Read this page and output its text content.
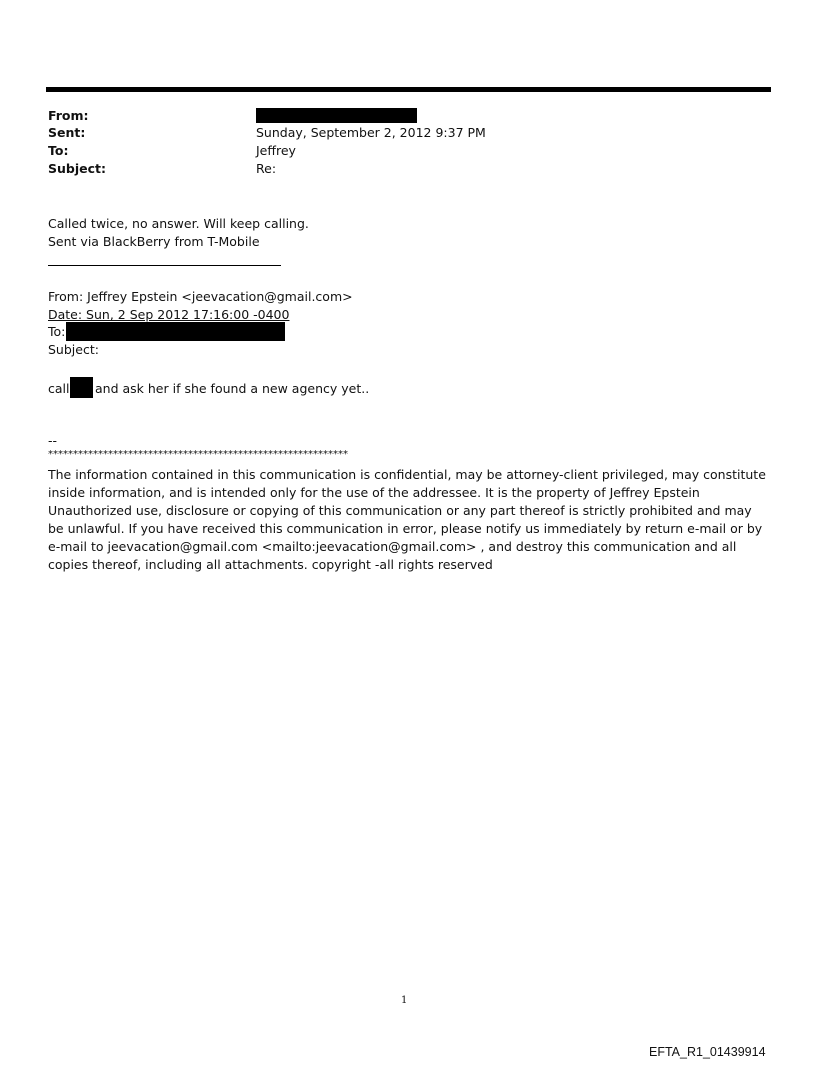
From:
Sent:	Sunday, September 2, 2012 9:37 PM
To:	Jeffrey
Subject:	Re:
Called twice, no answer. Will keep calling.
Sent via BlackBerry from T-Mobile
From: Jeffrey Epstein <jeevacation@gmail.com>
Date: Sun, 2 Sep 2012 17:16:00 -0400
To:
Subject:
call and ask her if she found a new agency yet..
--
************************************************************
The information contained in this communication is confidential, may be attorney-client privileged, may constitute inside information, and is intended only for the use of the addressee. It is the property of Jeffrey Epstein Unauthorized use, disclosure or copying of this communication or any part thereof is strictly prohibited and may be unlawful. If you have received this communication in error, please notify us immediately by return e-mail or by e-mail to jeevacation@gmail.com <mailto:jeevacation@gmail.com> , and destroy this communication and all copies thereof, including all attachments. copyright -all rights reserved
1
EFTA_R1_01439914
